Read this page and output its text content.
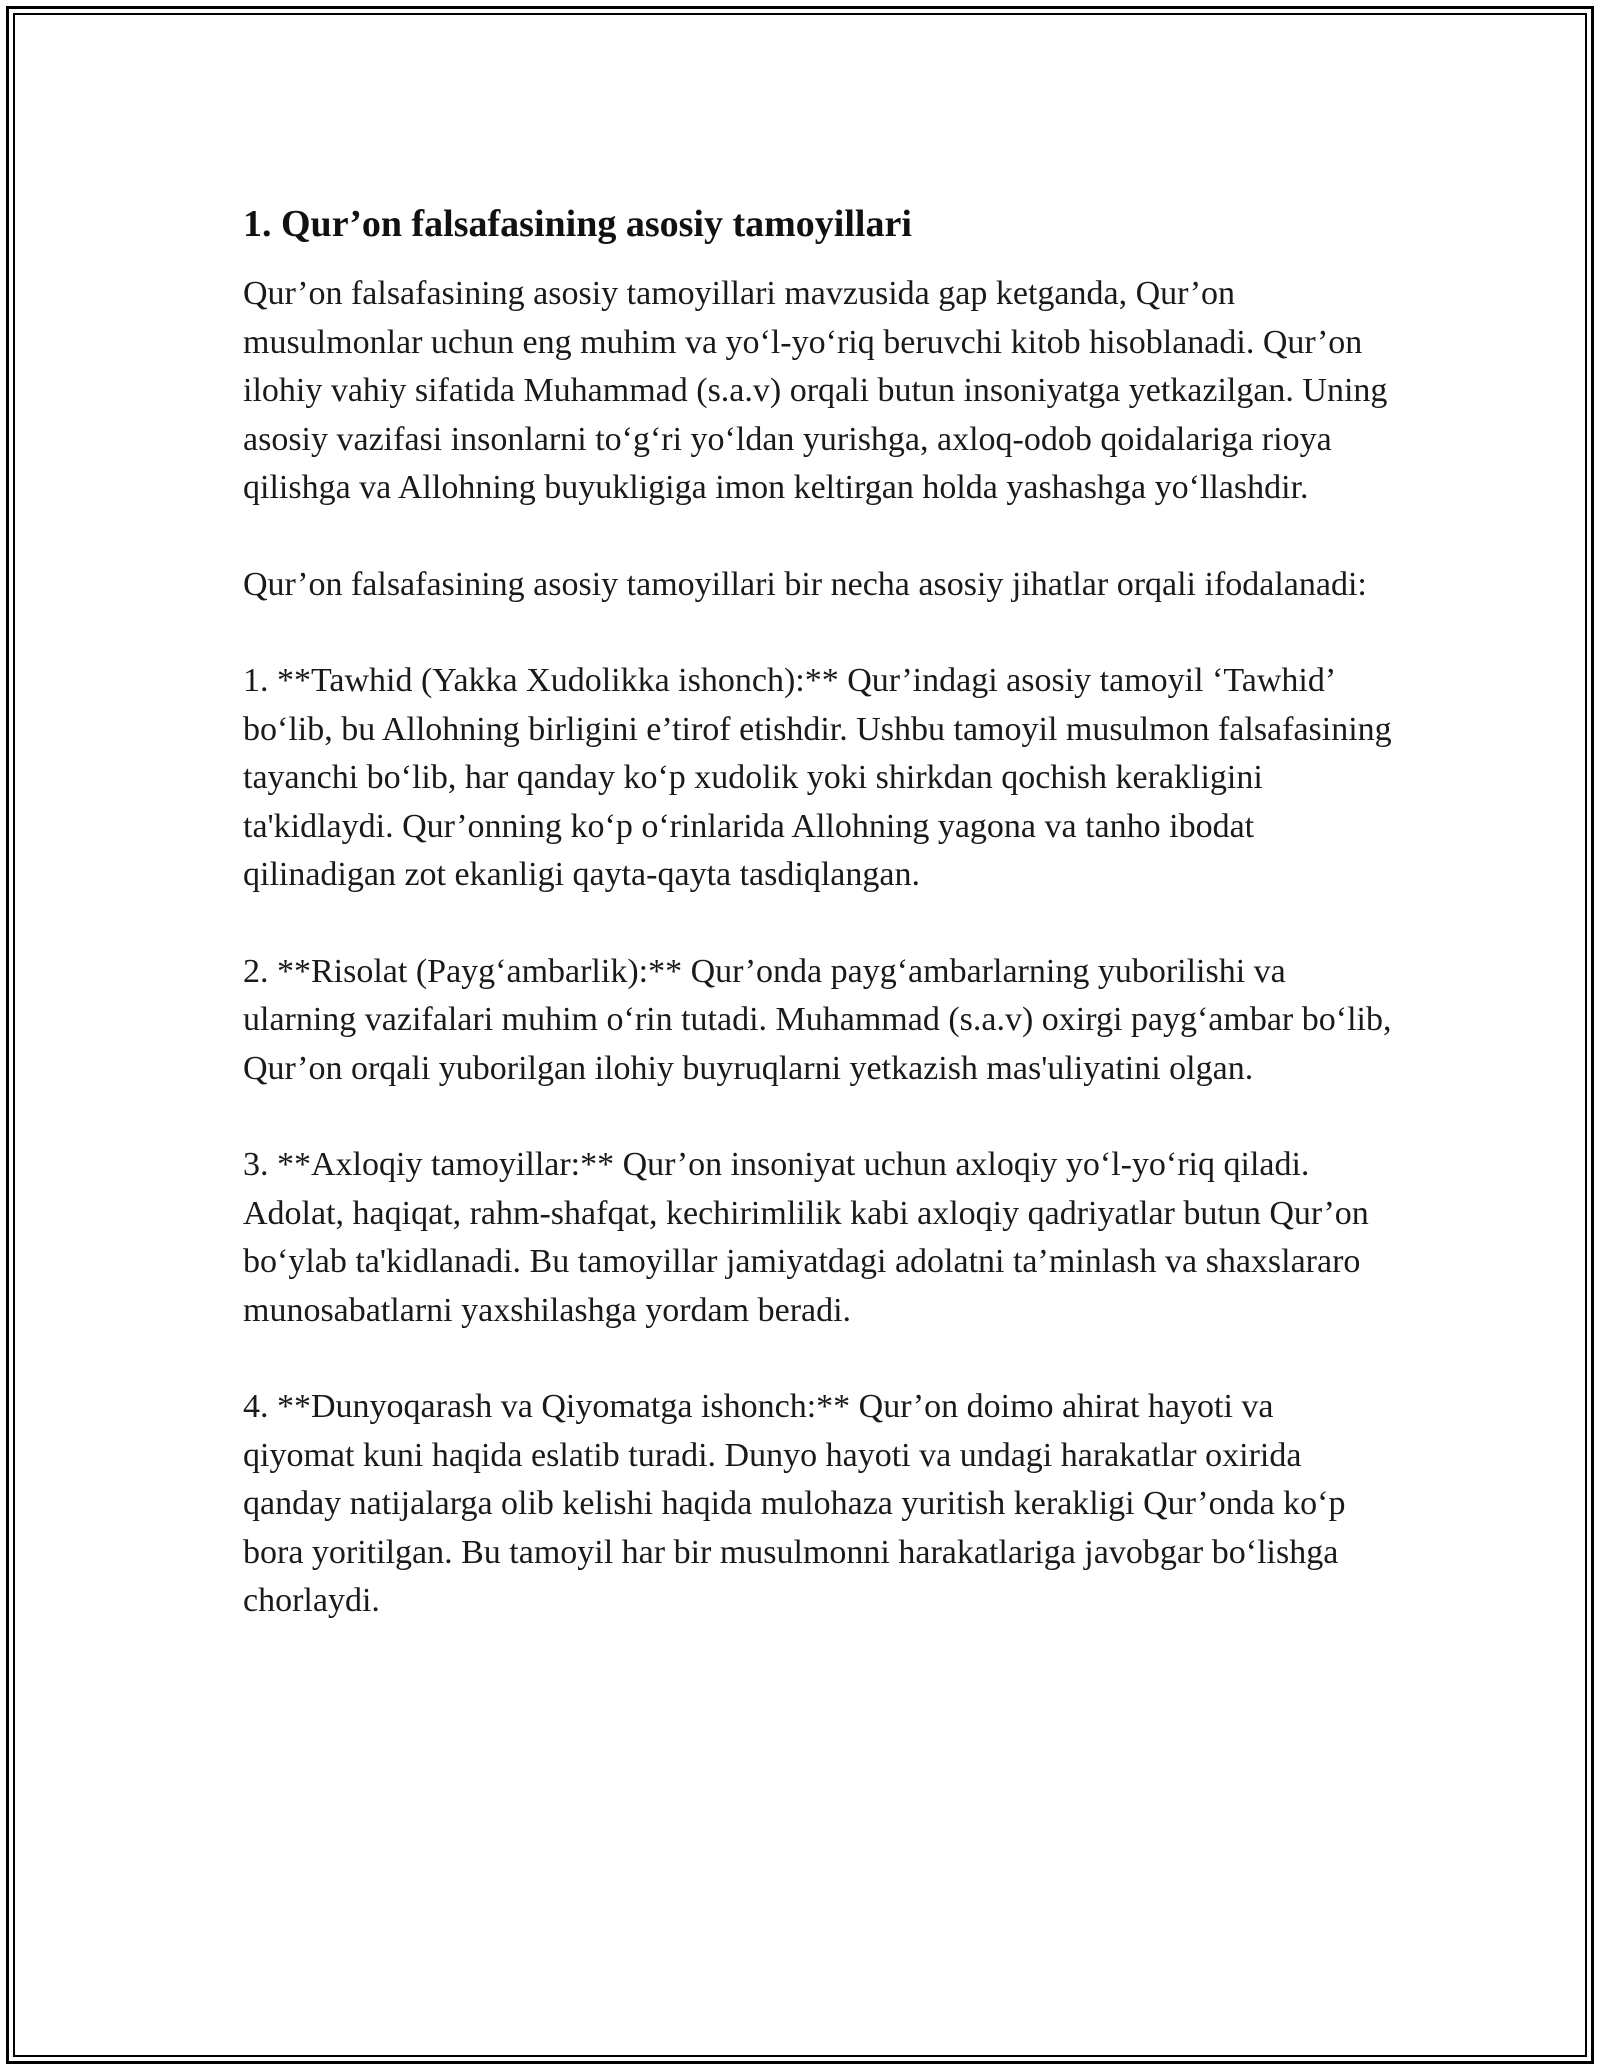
1. Qur’on falsafasining asosiy tamoyillari

Qur’on falsafasining asosiy tamoyillari mavzusida gap ketganda, Qur’on musulmonlar uchun eng muhim va yo‘l-yo‘riq beruvchi kitob hisoblanadi. Qur’on ilohiy vahiy sifatida Muhammad (s.a.v) orqali butun insoniyatga yetkazilgan. Uning asosiy vazifasi insonlarni to‘g‘ri yo‘ldan yurishga, axloq-odob qoidalariga rioya qilishga va Allohning buyukligiga imon keltirgan holda yashashga yo‘llashdir.

Qur’on falsafasining asosiy tamoyillari bir necha asosiy jihatlar orqali ifodalanadi:

1. **Tawhid (Yakka Xudolikka ishonch):** Qur’indagi asosiy tamoyil ‘Tawhid’ bo‘lib, bu Allohning birligini e’tirof etishdir. Ushbu tamoyil musulmon falsafasining tayanchi bo‘lib, har qanday ko‘p xudolik yoki shirkdan qochish kerakligini ta'kidlaydi. Qur’onning ko‘p o‘rinlarida Allohning yagona va tanho ibodat qilinadigan zot ekanligi qayta-qayta tasdiqlangan.

2. **Risolat (Payg‘ambarlik):** Qur’onda payg‘ambarlarning yuborilishi va ularning vazifalari muhim o‘rin tutadi. Muhammad (s.a.v) oxirgi payg‘ambar bo‘lib, Qur’on orqali yuborilgan ilohiy buyruqlarni yetkazish mas'uliyatini olgan.

3. **Axloqiy tamoyillar:** Qur’on insoniyat uchun axloqiy yo‘l-yo‘riq qiladi. Adolat, haqiqat, rahm-shafqat, kechirimlilik kabi axloqiy qadriyatlar butun Qur’on bo‘ylab ta'kidlanadi. Bu tamoyillar jamiyatdagi adolatni ta’minlash va shaxslararo munosabatlarni yaxshilashga yordam beradi.

4. **Dunyoqarash va Qiyomatga ishonch:** Qur’on doimo ahirat hayoti va qiyomat kuni haqida eslatib turadi. Dunyo hayoti va undagi harakatlar oxirida qanday natijalarga olib kelishi haqida mulohaza yuritish kerakligi Qur’onda ko‘p bora yoritilgan. Bu tamoyil har bir musulmonni harakatlariga javobgar bo‘lishga chorlaydi.
